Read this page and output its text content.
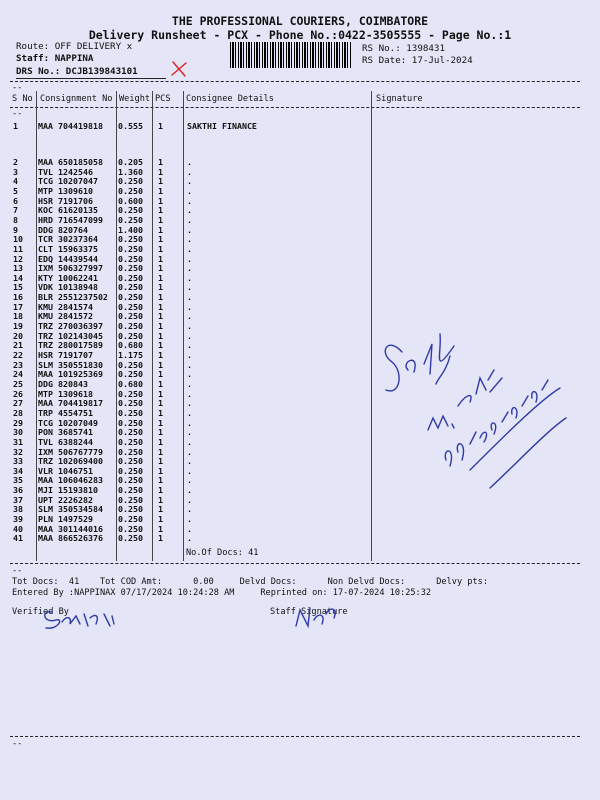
THE PROFESSIONAL COURIERS, COIMBATORE
Delivery Runsheet - PCX - Phone No.:0422-3505555 - Page No.:1
Route: OFF DELIVERY x
Staff: NAPPINA
DRS No.: DCJB139843101
RS No.: 1398431
RS Date: 17-Jul-2024
--
S No Consignment No Weight PCS Consignee Details	Signature
--
1 MAA 704419818 0.555 1	SAKTHI FINANCE
2 MAA 650185058 0.205 1	.
3 TVL 1242546	1.360 1	.
4 TCG 10207047 0.250 1	.
5 MTP 1309610	0.250 1	.
6 HSR 7191706	0.600 1	.
7 KOC 61620135 0.250 1	.
8 HRD 716547099 0.250 1	.
9 DDG 820764	1.400 1	.
10 TCR 30237364 0.250 1	.
11 CLT 15963375 0.250 1	.
12 EDQ 14439544 0.250 1	.
13 IXM 506327997 0.250 1	.
14 KTY 10062241 0.250 1	.
15 VDK 10138948 0.250 1	.
16 BLR 2551237502 0.250 1	.
17 KMU 2841574	0.250 1	.
18 KMU 2841572	0.250 1	.
19 TRZ 270036397 0.250 1	.
20 TRZ 102143045 0.250 1	.
21 TRZ 280017589 0.680 1	.
22 HSR 7191707	1.175 1	.
23 SLM 350551830 0.250 1	.
24 MAA 101925369 0.250 1	.
25 DDG 820843	0.680 1	.
26 MTP 1309618	0.250 1	.
27 MAA 704419817 0.250 1	.
28 TRP 4554751	0.250 1	.
29 TCG 10207049 0.250 1	.
30 PON 3685741	0.250 1	.
31 TVL 6388244	0.250 1	.
32 IXM 506767779 0.250 1	.
33 TRZ 102069400 0.250 1	.
34 VLR 1046751	0.250 1	.
35 MAA 106046283 0.250 1	.
36 MJI 15193810 0.250 1	.
37 UPT 2226282	0.250 1	.
38 SLM 350534584 0.250 1	.
39 PLN 1497529	0.250 1	.
40 MAA 301144016 0.250 1	.
41 MAA 866526376 0.250 1	.
No.Of Docs: 41
--
Tot Docs:  41    Tot COD Amt:      0.00     Delvd Docs:      Non Delvd Docs:      Delvy pts:
Entered By :NAPPINAX 07/17/2024 10:24:28 AM     Reprinted on: 17-07-2024 10:25:32
Verified By	Staff Signature
--
